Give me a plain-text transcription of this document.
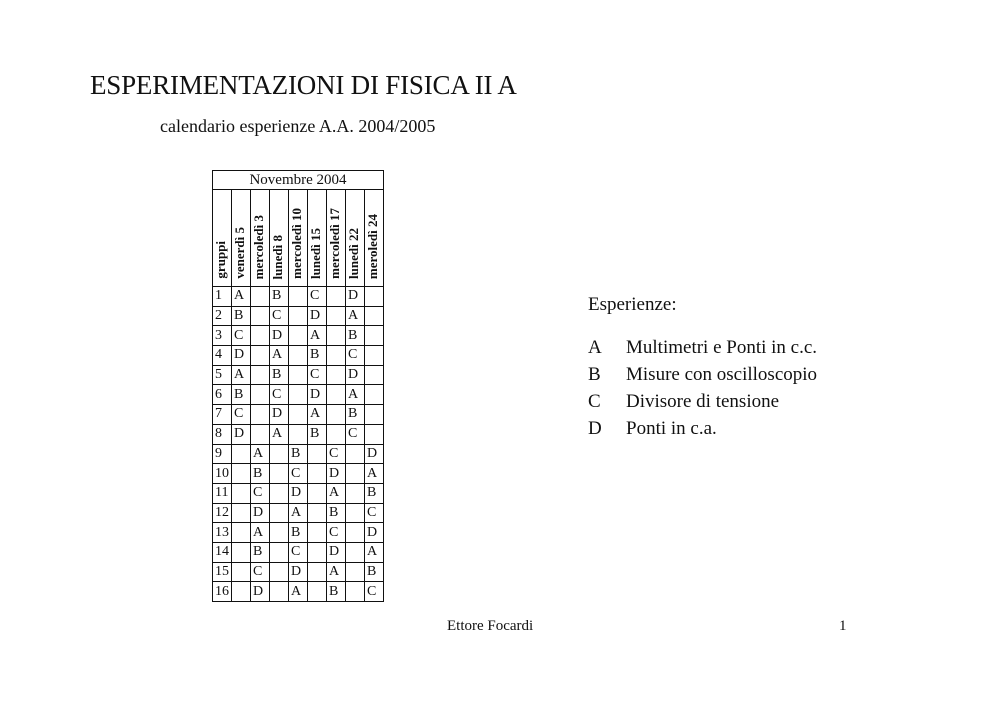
ESPERIMENTAZIONI DI FISICA II A
calendario esperienze A.A. 2004/2005
Novembre 2004								
gruppi	venerdì 5	mercoledì 3	lunedì 8	mercoledì 10	lunedì 15	mercoledì 17	lunedì 22	meroledì 24
1	A		B		C		D	
2	B		C		D		A	
3	C		D		A		B	
4	D		A		B		C	
5	A		B		C		D	
6	B		C		D		A	
7	C		D		A		B	
8	D		A		B		C	
9		A		B		C		D
10		B		C		D		A
11		C		D		A		B
12		D		A		B		C
13		A		B		C		D
14		B		C		D		A
15		C		D		A		B
16		D		A		B		C
Esperienze:
A	Multimetri e Ponti in c.c.
B	Misure con oscilloscopio
C	Divisore di tensione
D	Ponti in c.a.
Ettore Focardi	1
